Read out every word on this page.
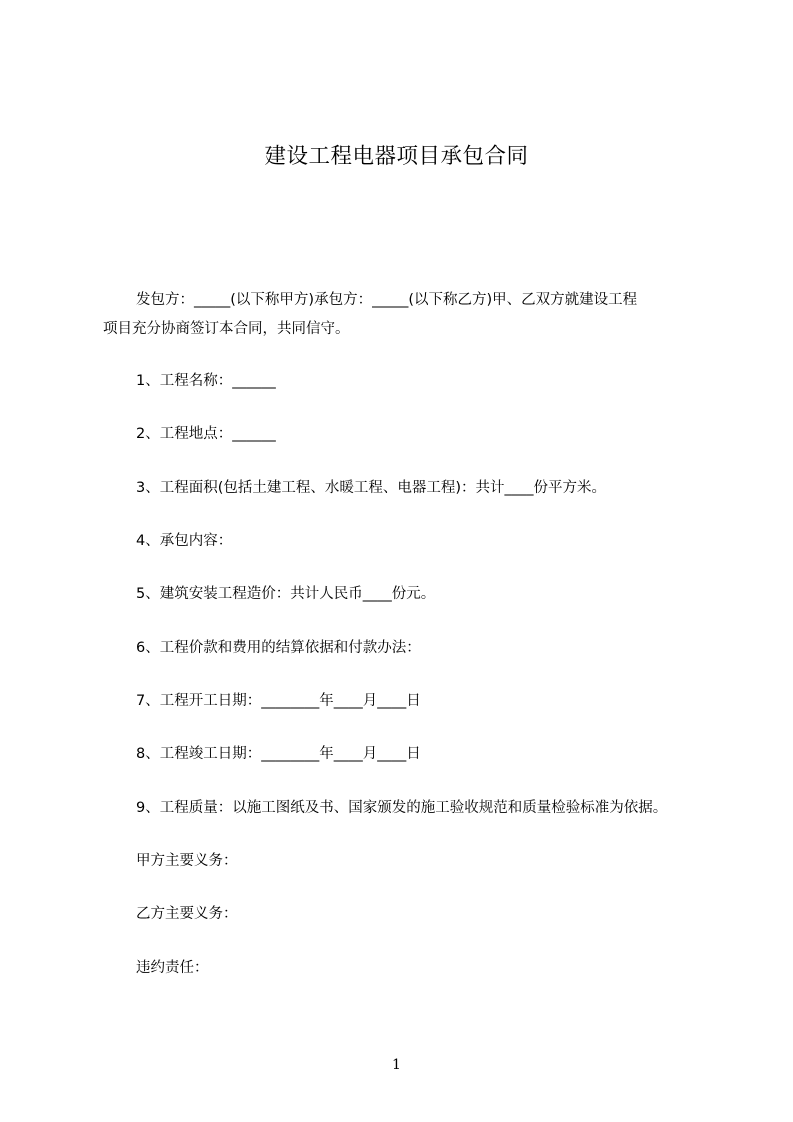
建设工程电器项目承包合同
发包方：_____(以下称甲方)承包方：_____(以下称乙方)甲、乙双方就建设工程
项目充分协商签订本合同，共同信守。
1、工程名称：______
2、工程地点：______
3、工程面积(包括土建工程、水暖工程、电器工程)：共计____份平方米。
4、承包内容：
5、建筑安装工程造价：共计人民币____份元。
6、工程价款和费用的结算依据和付款办法：
7、工程开工日期：________年____月____日
8、工程竣工日期：________年____月____日
9、工程质量：以施工图纸及书、国家颁发的施工验收规范和质量检验标准为依据。
甲方主要义务：
乙方主要义务：
违约责任：
1
